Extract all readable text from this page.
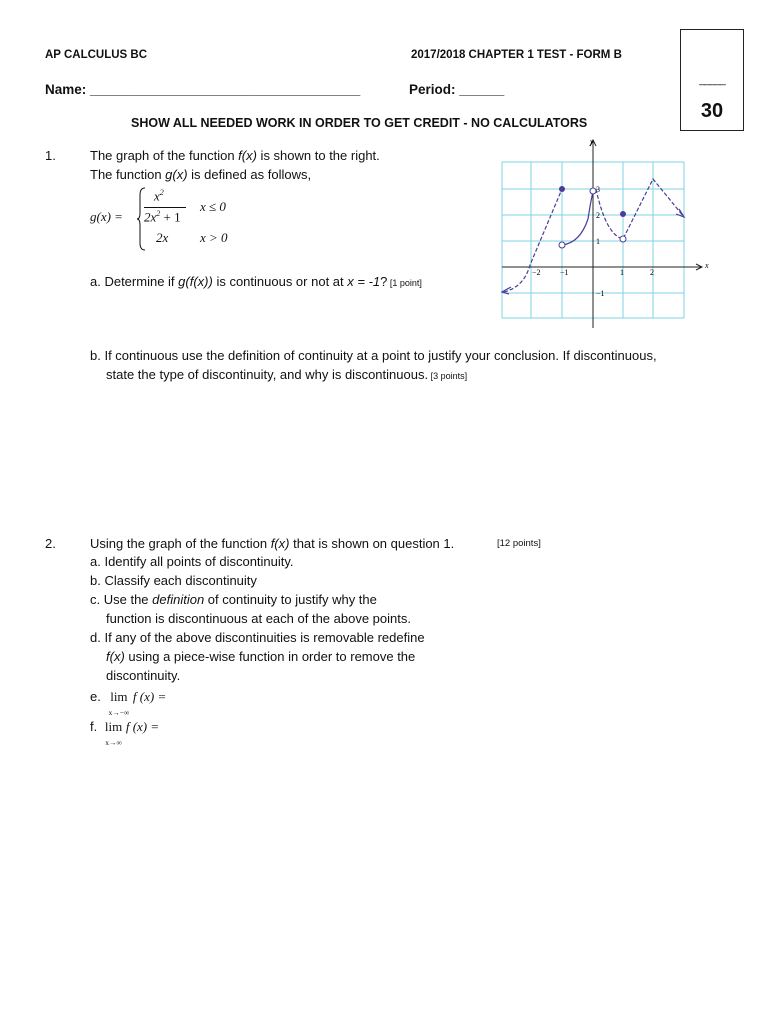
AP CALCULUS BC	2017/2018 CHAPTER 1 TEST - FORM B
_____
30
Name: ____________________________________	Period: ______
SHOW ALL NEEDED WORK IN ORDER TO GET CREDIT - NO CALCULATORS
1.	The graph of the function f(x) is shown to the right.
The function g(x) is defined as follows,
g(x) =
$x^2$
$2x^2 + 1$
x ≤ 0
2x x > 0
a. Determine if g(f(x)) is continuous or not at x = -1? [1 point]
x
y
−2 −1	1	2
3
2
1
−1
b. If continuous use the definition of continuity at a point to justify your conclusion. If discontinuous,
state the type of discontinuity, and why is discontinuous. [3 points]
2.	Using the graph of the function f(x) that is shown on question 1.	[12 points]
a. Identify all points of discontinuity.
b. Classify each discontinuity
c. Use the definition of continuity to justify why the
function is discontinuous at each of the above points.
d. If any of the above discontinuities is removable redefine
f(x) using a piece-wise function in order to remove the
discontinuity.
e. lim
x→−∞
f (x) =
f. lim
x→∞
f (x) =
